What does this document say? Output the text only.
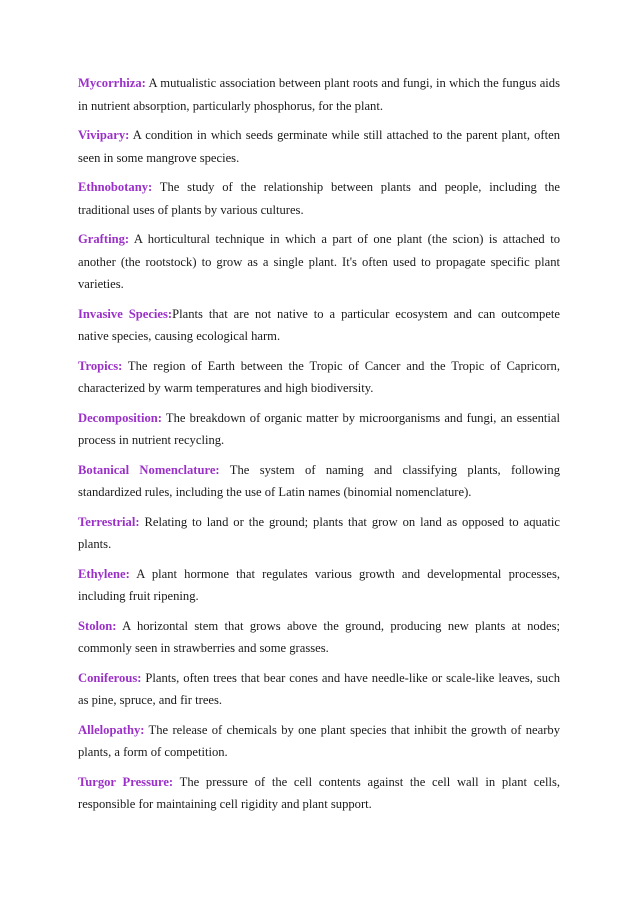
Mycorrhiza: A mutualistic association between plant roots and fungi, in which the fungus aids in nutrient absorption, particularly phosphorus, for the plant.

Vivipary: A condition in which seeds germinate while still attached to the parent plant, often seen in some mangrove species.

Ethnobotany: The study of the relationship between plants and people, including the traditional uses of plants by various cultures.

Grafting: A horticultural technique in which a part of one plant (the scion) is attached to another (the rootstock) to grow as a single plant. It's often used to propagate specific plant varieties.

Invasive Species:Plants that are not native to a particular ecosystem and can outcompete native species, causing ecological harm.

Tropics: The region of Earth between the Tropic of Cancer and the Tropic of Capricorn, characterized by warm temperatures and high biodiversity.

Decomposition: The breakdown of organic matter by microorganisms and fungi, an essential process in nutrient recycling.

Botanical Nomenclature: The system of naming and classifying plants, following standardized rules, including the use of Latin names (binomial nomenclature).

Terrestrial: Relating to land or the ground; plants that grow on land as opposed to aquatic plants.

Ethylene: A plant hormone that regulates various growth and developmental processes, including fruit ripening.

Stolon: A horizontal stem that grows above the ground, producing new plants at nodes; commonly seen in strawberries and some grasses.

Coniferous: Plants, often trees that bear cones and have needle-like or scale-like leaves, such as pine, spruce, and fir trees.

Allelopathy: The release of chemicals by one plant species that inhibit the growth of nearby plants, a form of competition.

Turgor Pressure: The pressure of the cell contents against the cell wall in plant cells, responsible for maintaining cell rigidity and plant support.
